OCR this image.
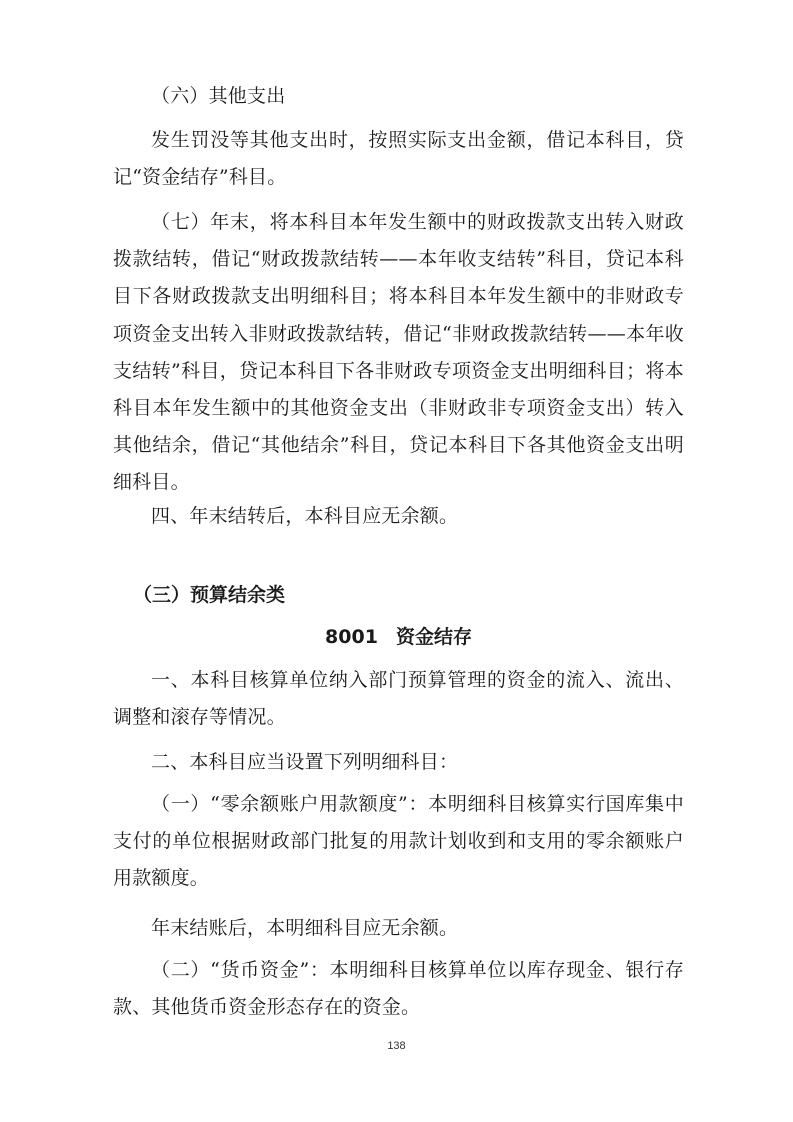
（六）其他支出

发生罚没等其他支出时，按照实际支出金额，借记本科目，贷记“资金结存”科目。

（七）年末，将本科目本年发生额中的财政拨款支出转入财政拨款结转，借记“财政拨款结转——本年收支结转”科目，贷记本科目下各财政拨款支出明细科目；将本科目本年发生额中的非财政专项资金支出转入非财政拨款结转，借记“非财政拨款结转——本年收支结转”科目，贷记本科目下各非财政专项资金支出明细科目；将本科目本年发生额中的其他资金支出（非财政非专项资金支出）转入其他结余，借记“其他结余”科目，贷记本科目下各其他资金支出明细科目。

四、年末结转后，本科目应无余额。

（三）预算结余类
8001 资金结存

一、本科目核算单位纳入部门预算管理的资金的流入、流出、调整和滚存等情况。

二、本科目应当设置下列明细科目：

（一）“零余额账户用款额度”：本明细科目核算实行国库集中支付的单位根据财政部门批复的用款计划收到和支用的零余额账户用款额度。

年末结账后，本明细科目应无余额。

（二）“货币资金”：本明细科目核算单位以库存现金、银行存款、其他货币资金形态存在的资金。

138
